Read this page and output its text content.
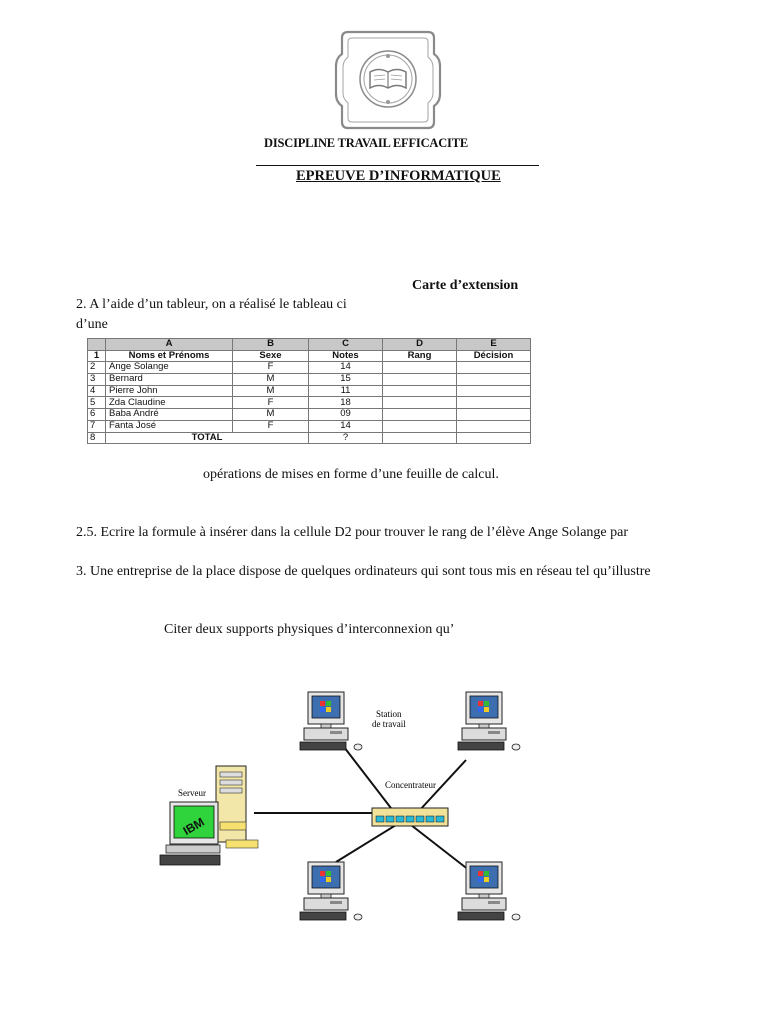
DISCIPLINE TRAVAIL EFFICACITE
EPREUVE D’INFORMATIQUE
Carte d’extension
2. A l’aide d’un tableur, on a réalisé le tableau ci
d’une
	A	B	C	D	E
1	Noms et Prénoms	Sexe	Notes	Rang	Décision
2	Ange Solange	F	14		
3	Bernard	M	15		
4	Pierre John	M	11		
5	Zda Claudine	F	18		
6	Baba André	M	09		
7	Fanta José	F	14		
8	TOTAL		?		
opérations de mises en forme d’une feuille de calcul.
2.5. Ecrire la formule à insérer dans la cellule D2 pour trouver le rang de l’élève Ange Solange par
3. Une entreprise de la place dispose de quelques ordinateurs qui sont tous mis en réseau tel qu’illustre
Citer deux supports physiques d’interconnexion qu’
Station
de travail
Concentrateur
IBM
Serveur
